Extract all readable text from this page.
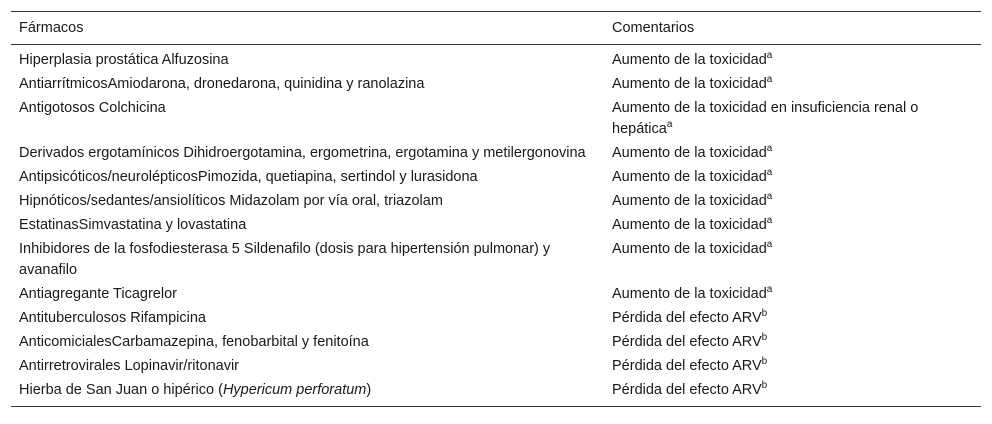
Fármacos	Comentarios
Hiperplasia prostática Alfuzosina	Aumento de la toxicidad$^a$
AntiarrítmicosAmiodarona, dronedarona, quinidina y ranolazina	Aumento de la toxicidad$^a$
Antigotosos Colchicina	Aumento de la toxicidad en insuficiencia renal o hepática$^a$
Derivados ergotamínicos Dihidroergotamina, ergometrina, ergotamina y metilergonovina	Aumento de la toxicidad$^a$
Antipsicóticos/neurolépticosPimozida, quetiapina, sertindol y lurasidona	Aumento de la toxicidad$^a$
Hipnóticos/sedantes/ansiolíticos Midazolam por vía oral, triazolam	Aumento de la toxicidad$^a$
EstatinasSimvastatina y lovastatina	Aumento de la toxicidad$^a$
Inhibidores de la fosfodiesterasa 5 Sildenafilo (dosis para hipertensión pulmonar) y avanafilo	Aumento de la toxicidad$^a$
Antiagregante Ticagrelor	Aumento de la toxicidad$^a$
Antituberculosos Rifampicina	Pérdida del efecto ARV$^b$
AnticomicialesCarbamazepina, fenobarbital y fenitoína	Pérdida del efecto ARV$^b$
Antirretrovirales Lopinavir/ritonavir	Pérdida del efecto ARV$^b$
Hierba de San Juan o hipérico (Hypericum perforatum)	Pérdida del efecto ARV$^b$
